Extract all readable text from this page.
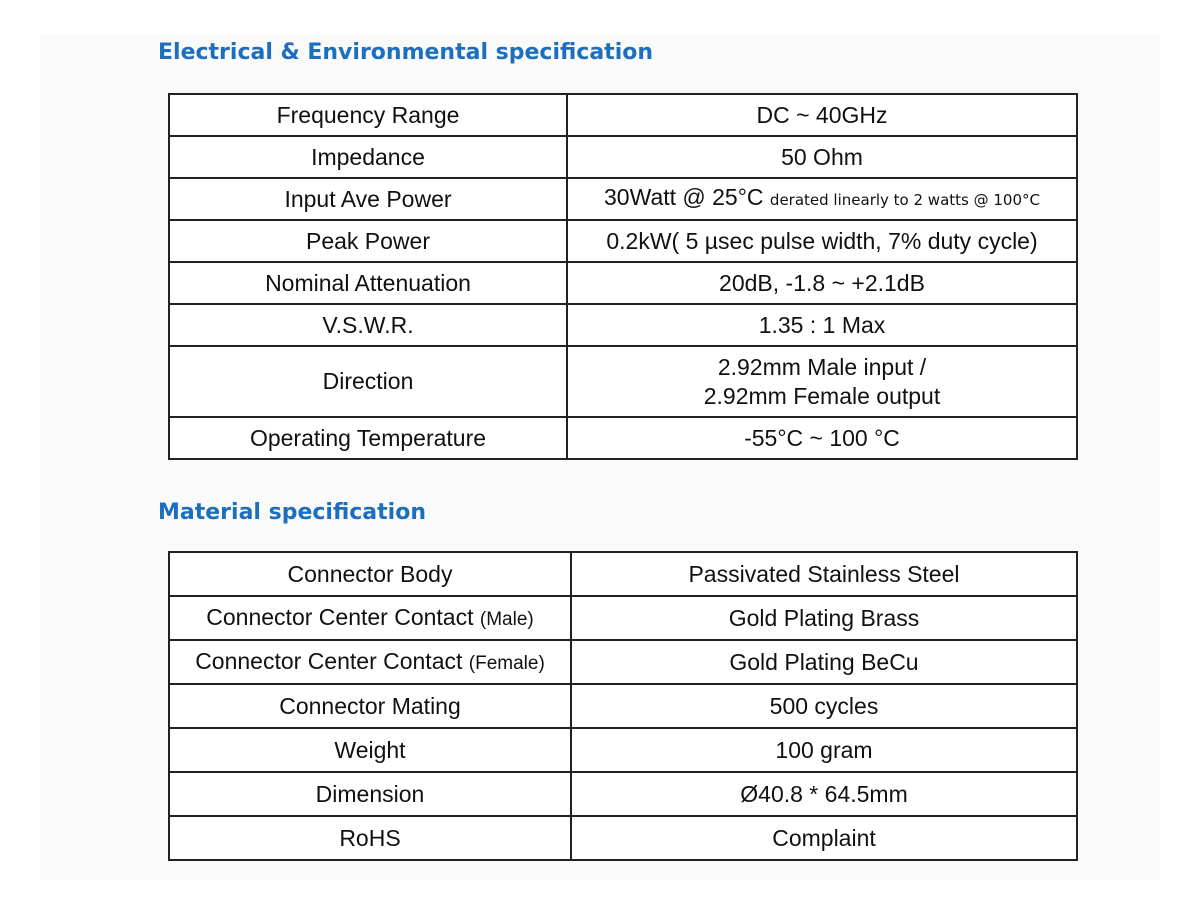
Electrical & Environmental specification
Frequency Range	DC ~ 40GHz
Impedance	50 Ohm
Input Ave Power	30Watt @ 25°C derated linearly to 2 watts @ 100°C
Peak Power	0.2kW( 5 µsec pulse width, 7% duty cycle)
Nominal Attenuation	20dB, -1.8 ~ +2.1dB
V.S.W.R.	1.35 : 1 Max
Direction	2.92mm Male input /
2.92mm Female output
Operating Temperature	-55°C ~ 100 °C
Material specification
Connector Body	Passivated Stainless Steel
Connector Center Contact (Male)	Gold Plating Brass
Connector Center Contact (Female)	Gold Plating BeCu
Connector Mating	500 cycles
Weight	100 gram
Dimension	Ø40.8 * 64.5mm
RoHS	Complaint
